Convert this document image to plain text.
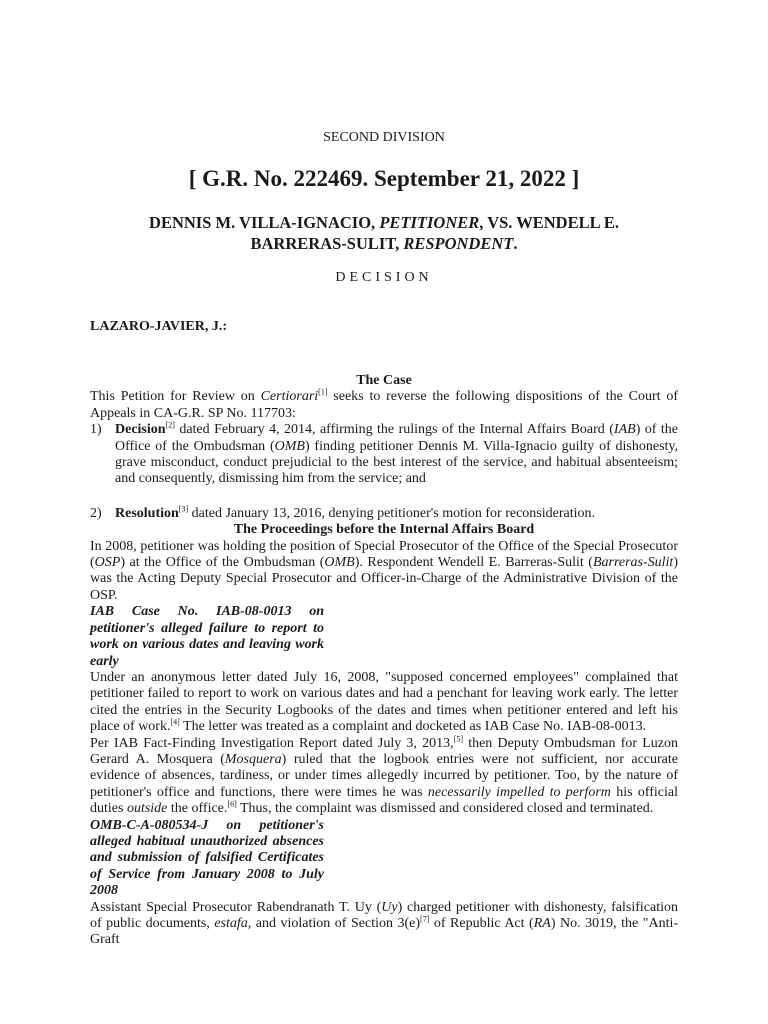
SECOND DIVISION
[ G.R. No. 222469. September 21, 2022 ]
DENNIS M. VILLA-IGNACIO, PETITIONER, VS. WENDELL E.
BARRERAS-SULIT, RESPONDENT.
DECISION
LAZARO-JAVIER, J.:
The Case

This Petition for Review on Certiorari[1] seeks to reverse the following dispositions of the Court of Appeals in CA-G.R. SP No. 117703:

1) Decision[2] dated February 4, 2014, affirming the rulings of the Internal Affairs Board (IAB) of the Office of the Ombudsman (OMB) finding petitioner Dennis M. Villa-Ignacio guilty of dishonesty, grave misconduct, conduct prejudicial to the best interest of the service, and habitual absenteeism; and consequently, dismissing him from the service; and
2) Resolution[3] dated January 13, 2016, denying petitioner's motion for reconsideration.
The Proceedings before the Internal Affairs Board

In 2008, petitioner was holding the position of Special Prosecutor of the Office of the Special Prosecutor (OSP) at the Office of the Ombudsman (OMB). Respondent Wendell E. Barreras-Sulit (Barreras-Sulit) was the Acting Deputy Special Prosecutor and Officer-in-Charge of the Administrative Division of the OSP.

IAB Case No. IAB-08-0013 on petitioner's alleged failure to report to work on various dates and leaving work early

Under an anonymous letter dated July 16, 2008, "supposed concerned employees" complained that petitioner failed to report to work on various dates and had a penchant for leaving work early. The letter cited the entries in the Security Logbooks of the dates and times when petitioner entered and left his place of work.[4] The letter was treated as a complaint and docketed as IAB Case No. IAB-08-0013.

Per IAB Fact-Finding Investigation Report dated July 3, 2013,[5] then Deputy Ombudsman for Luzon Gerard A. Mosquera (Mosquera) ruled that the logbook entries were not sufficient, nor accurate evidence of absences, tardiness, or under times allegedly incurred by petitioner. Too, by the nature of petitioner's office and functions, there were times he was necessarily impelled to perform his official duties outside the office.[6] Thus, the complaint was dismissed and considered closed and terminated.

OMB-C-A-080534-J on petitioner's alleged habitual unauthorized absences and submission of falsified Certificates of Service from January 2008 to July 2008

Assistant Special Prosecutor Rabendranath T. Uy (Uy) charged petitioner with dishonesty, falsification of public documents, estafa, and violation of Section 3(e)[7] of Republic Act (RA) No. 3019, the "Anti-Graft
